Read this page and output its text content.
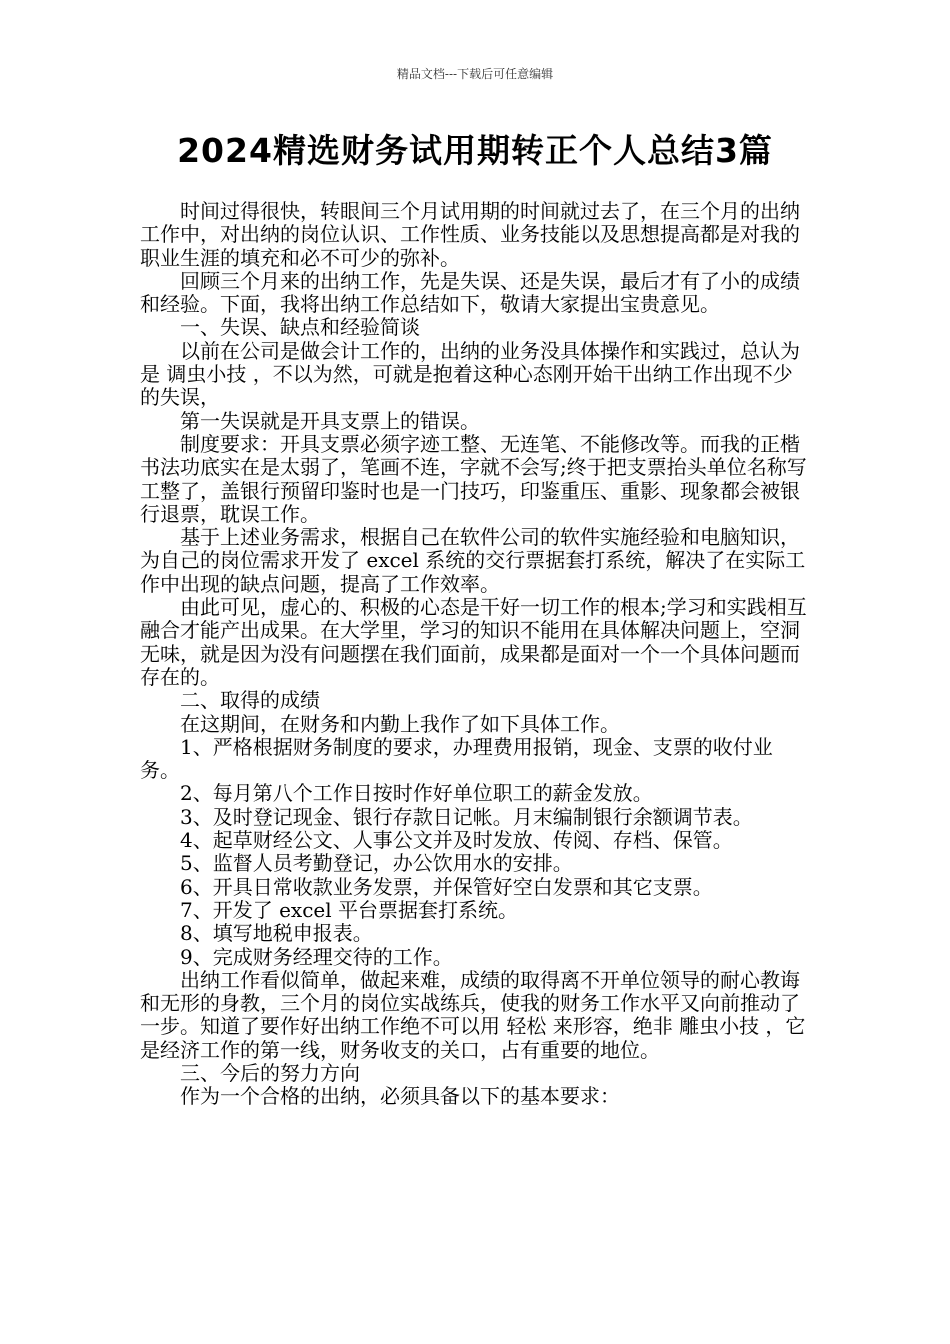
精品文档---下载后可任意编辑
2024精选财务试用期转正个人总结3篇

时间过得很快，转眼间三个月试用期的时间就过去了，在三个月的出纳工作中，对出纳的岗位认识、工作性质、业务技能以及思想提高都是对我的职业生涯的填充和必不可少的弥补。

回顾三个月来的出纳工作，先是失误、还是失误，最后才有了小的成绩和经验。下面，我将出纳工作总结如下，敬请大家提出宝贵意见。

一、失误、缺点和经验简谈

以前在公司是做会计工作的，出纳的业务没具体操作和实践过，总认为是 调虫小技 ，不以为然，可就是抱着这种心态刚开始干出纳工作出现不少的失误，

第一失误就是开具支票上的错误。

制度要求：开具支票必须字迹工整、无连笔、不能修改等。而我的正楷书法功底实在是太弱了，笔画不连，字就不会写;终于把支票抬头单位名称写工整了，盖银行预留印鉴时也是一门技巧，印鉴重压、重影、现象都会被银行退票，耽误工作。

基于上述业务需求，根据自己在软件公司的软件实施经验和电脑知识，为自己的岗位需求开发了 excel 系统的交行票据套打系统，解决了在实际工作中出现的缺点问题，提高了工作效率。

由此可见，虚心的、积极的心态是干好一切工作的根本;学习和实践相互融合才能产出成果。在大学里，学习的知识不能用在具体解决问题上，空洞无味，就是因为没有问题摆在我们面前，成果都是面对一个一个具体问题而存在的。

二、取得的成绩

在这期间，在财务和内勤上我作了如下具体工作。

1、严格根据财务制度的要求，办理费用报销，现金、支票的收付业务。

2、每月第八个工作日按时作好单位职工的薪金发放。

3、及时登记现金、银行存款日记帐。月末编制银行余额调节表。

4、起草财经公文、人事公文并及时发放、传阅、存档、保管。

5、监督人员考勤登记，办公饮用水的安排。

6、开具日常收款业务发票，并保管好空白发票和其它支票。

7、开发了 excel 平台票据套打系统。

8、填写地税申报表。

9、完成财务经理交待的工作。

出纳工作看似简单，做起来难，成绩的取得离不开单位领导的耐心教诲和无形的身教，三个月的岗位实战练兵，使我的财务工作水平又向前推动了一步。知道了要作好出纳工作绝不可以用 轻松 来形容，绝非 雕虫小技 ，它是经济工作的第一线，财务收支的关口，占有重要的地位。

三、今后的努力方向

作为一个合格的出纳，必须具备以下的基本要求：
